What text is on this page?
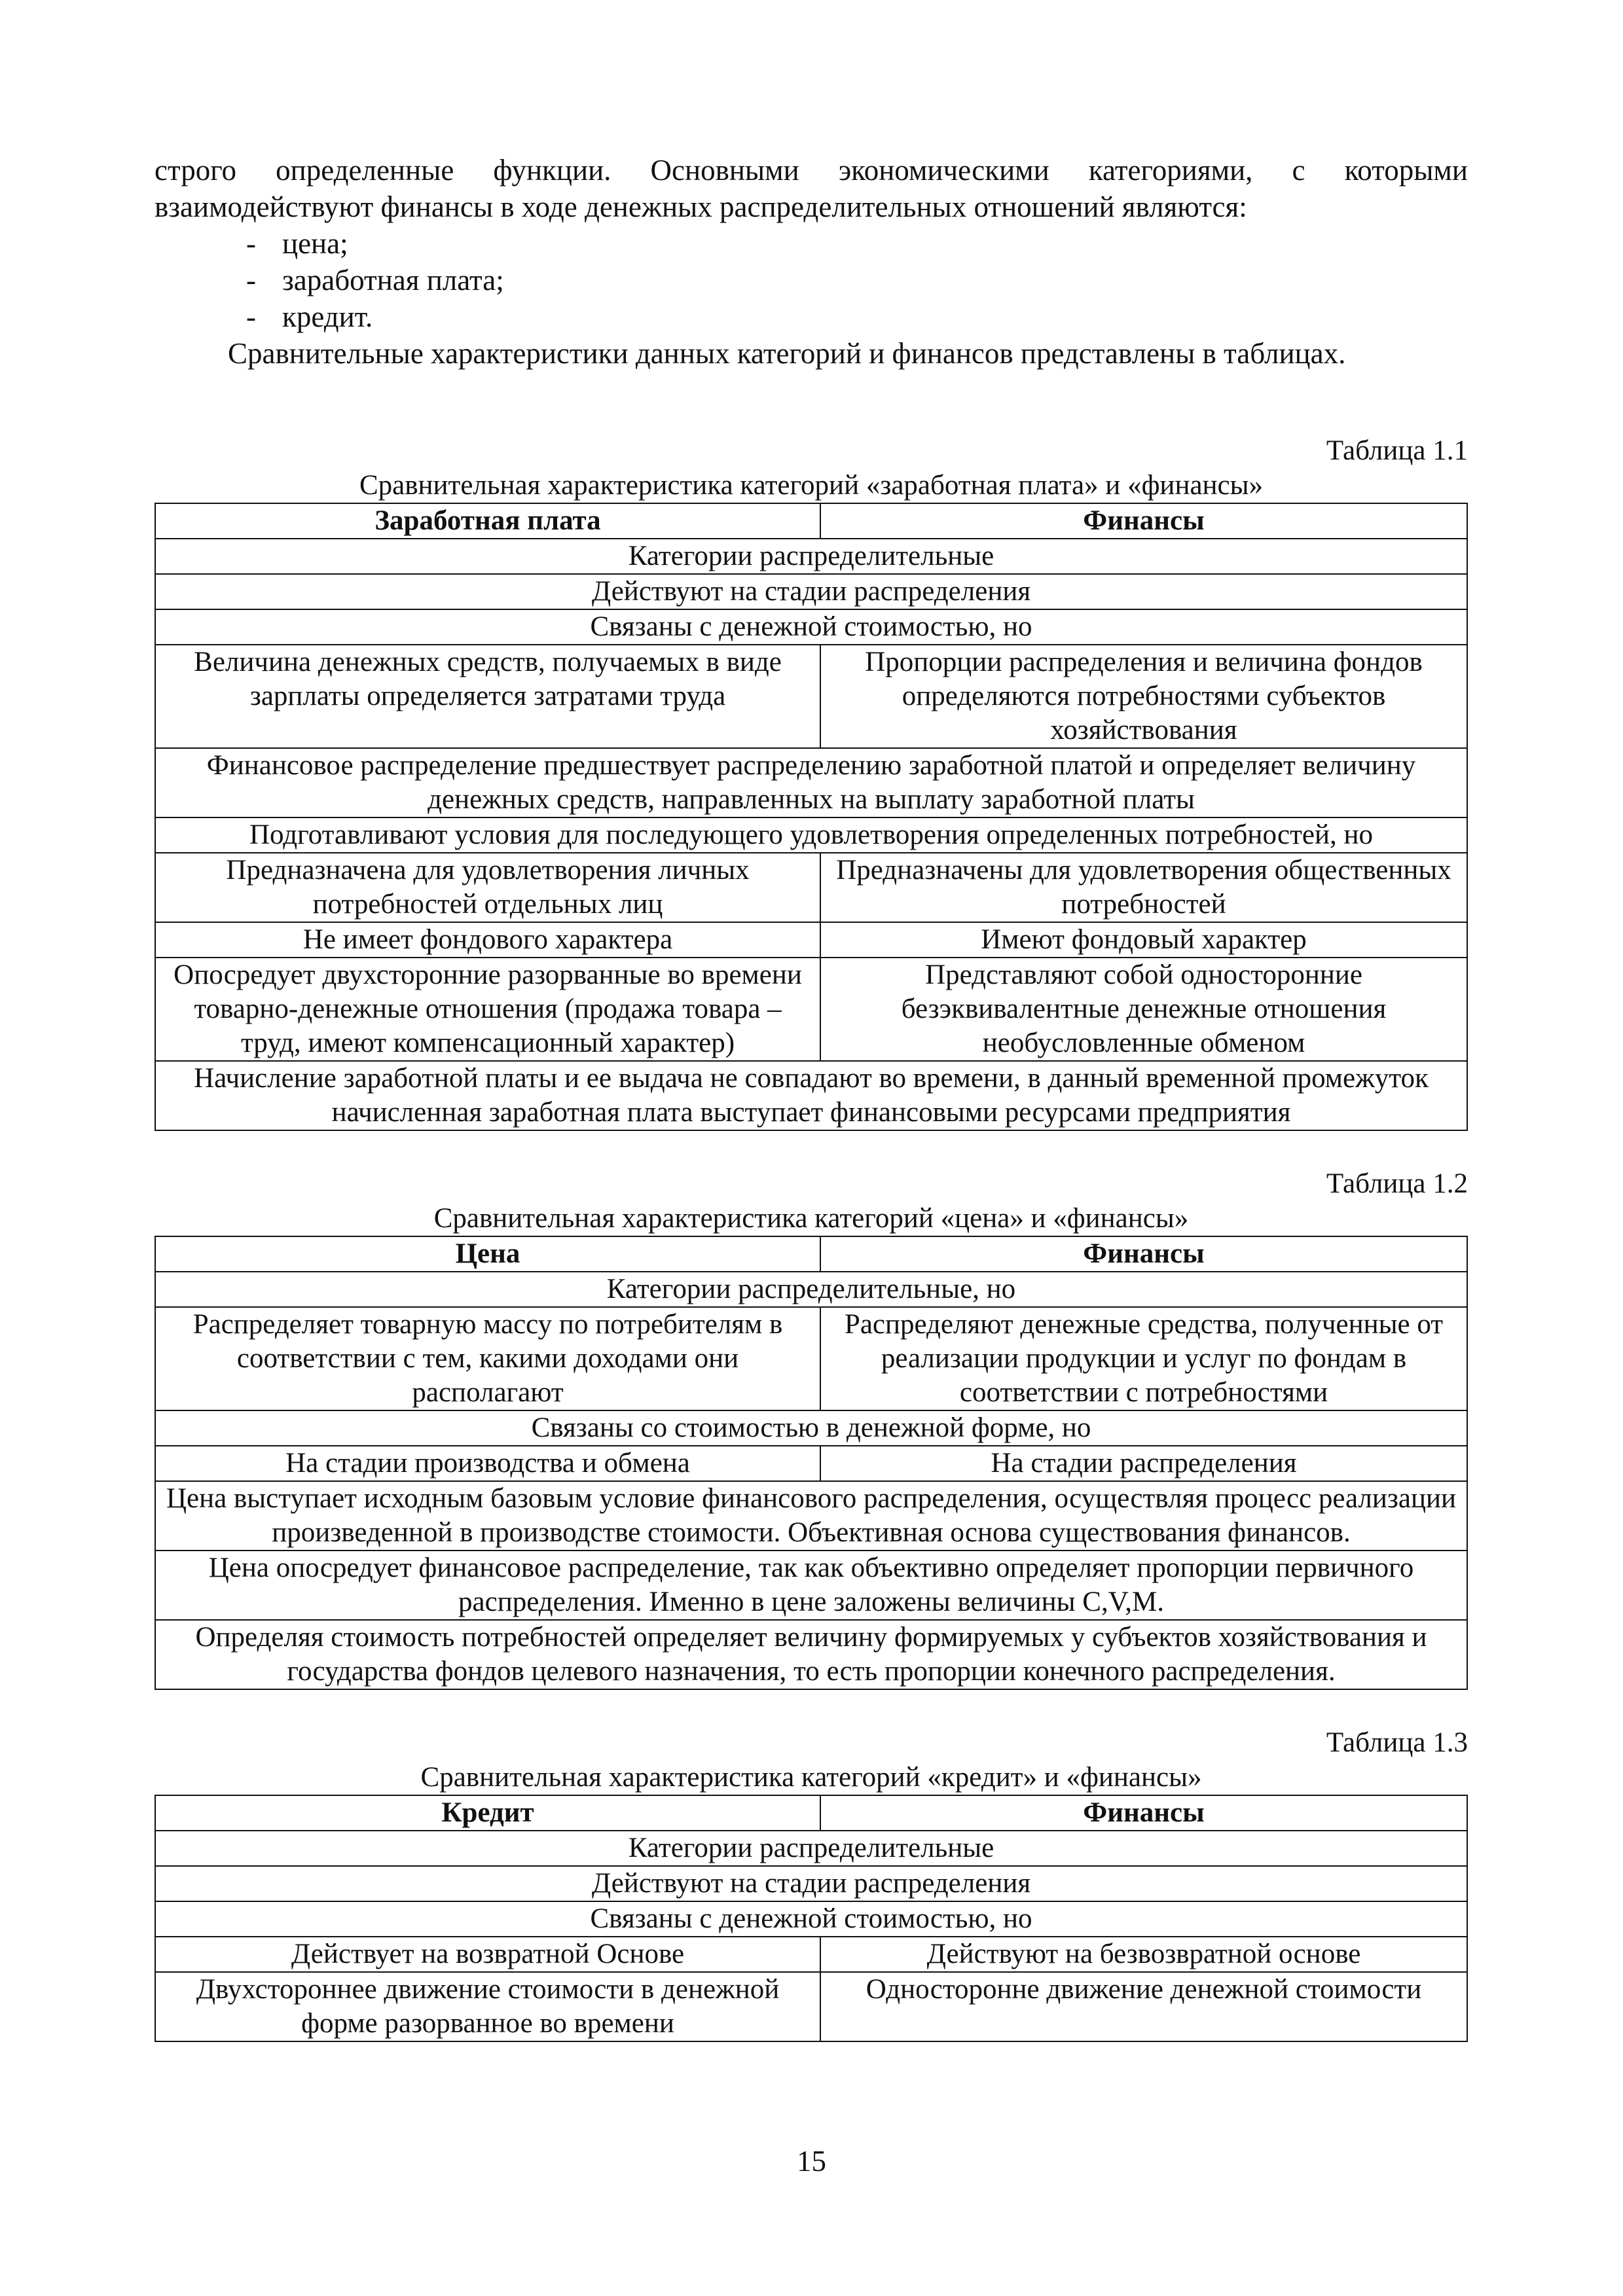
строго определенные функции. Основными экономическими категориями, с которыми взаимодействуют финансы в ходе денежных распределительных отношений являются:

- цена;
- заработная плата;
- кредит.

Сравнительные характеристики данных категорий и финансов представлены в таблицах.

Таблица 1.1
Сравнительная характеристика категорий «заработная плата» и «финансы»
Заработная плата	Финансы
Категории распределительные	
Действуют на стадии распределения	
Связаны с денежной стоимостью, но	
Величина денежных средств, получаемых в виде зарплаты определяется затратами труда	Пропорции распределения и величина фондов определяются потребностями субъектов хозяйствования
Финансовое распределение предшествует распределению заработной платой и определяет величину денежных средств, направленных на выплату заработной платы	
Подготавливают условия для последующего удовлетворения определенных потребностей, но	
Предназначена для удовлетворения личных потребностей отдельных лиц	Предназначены для удовлетворения общественных потребностей
Не имеет фондового характера	Имеют фондовый характер
Опосредует двухсторонние разорванные во времени товарно-денежные отношения (продажа товара – труд, имеют компенсационный характер)	Представляют собой односторонние безэквивалентные денежные отношения необусловленные обменом
Начисление заработной платы и ее выдача не совпадают во времени, в данный временной промежуток начисленная заработная плата выступает финансовыми ресурсами предприятия	
Таблица 1.2
Сравнительная характеристика категорий «цена» и «финансы»
Цена	Финансы
Категории распределительные, но	
Распределяет товарную массу по потребителям в соответствии с тем, какими доходами они располагают	Распределяют денежные средства, полученные от реализации продукции и услуг по фондам в соответствии с потребностями
Связаны со стоимостью в денежной форме, но	
На стадии производства и обмена	На стадии распределения
Цена выступает исходным базовым условие финансового распределения, осуществляя процесс реализации произведенной в производстве стоимости. Объективная основа существования финансов.	
Цена опосредует финансовое распределение, так как объективно определяет пропорции первичного распределения. Именно в цене заложены величины C,V,M.	
Определяя стоимость потребностей определяет величину формируемых у субъектов хозяйствования и государства фондов целевого назначения, то есть пропорции конечного распределения.	
Таблица 1.3
Сравнительная характеристика категорий «кредит» и «финансы»
Кредит	Финансы
Категории распределительные	
Действуют на стадии распределения	
Связаны с денежной стоимостью, но	
Действует на возвратной Основе	Действуют на безвозвратной основе
Двухстороннее движение стоимости в денежной форме разорванное во времени	Односторонне движение денежной стоимости
15
